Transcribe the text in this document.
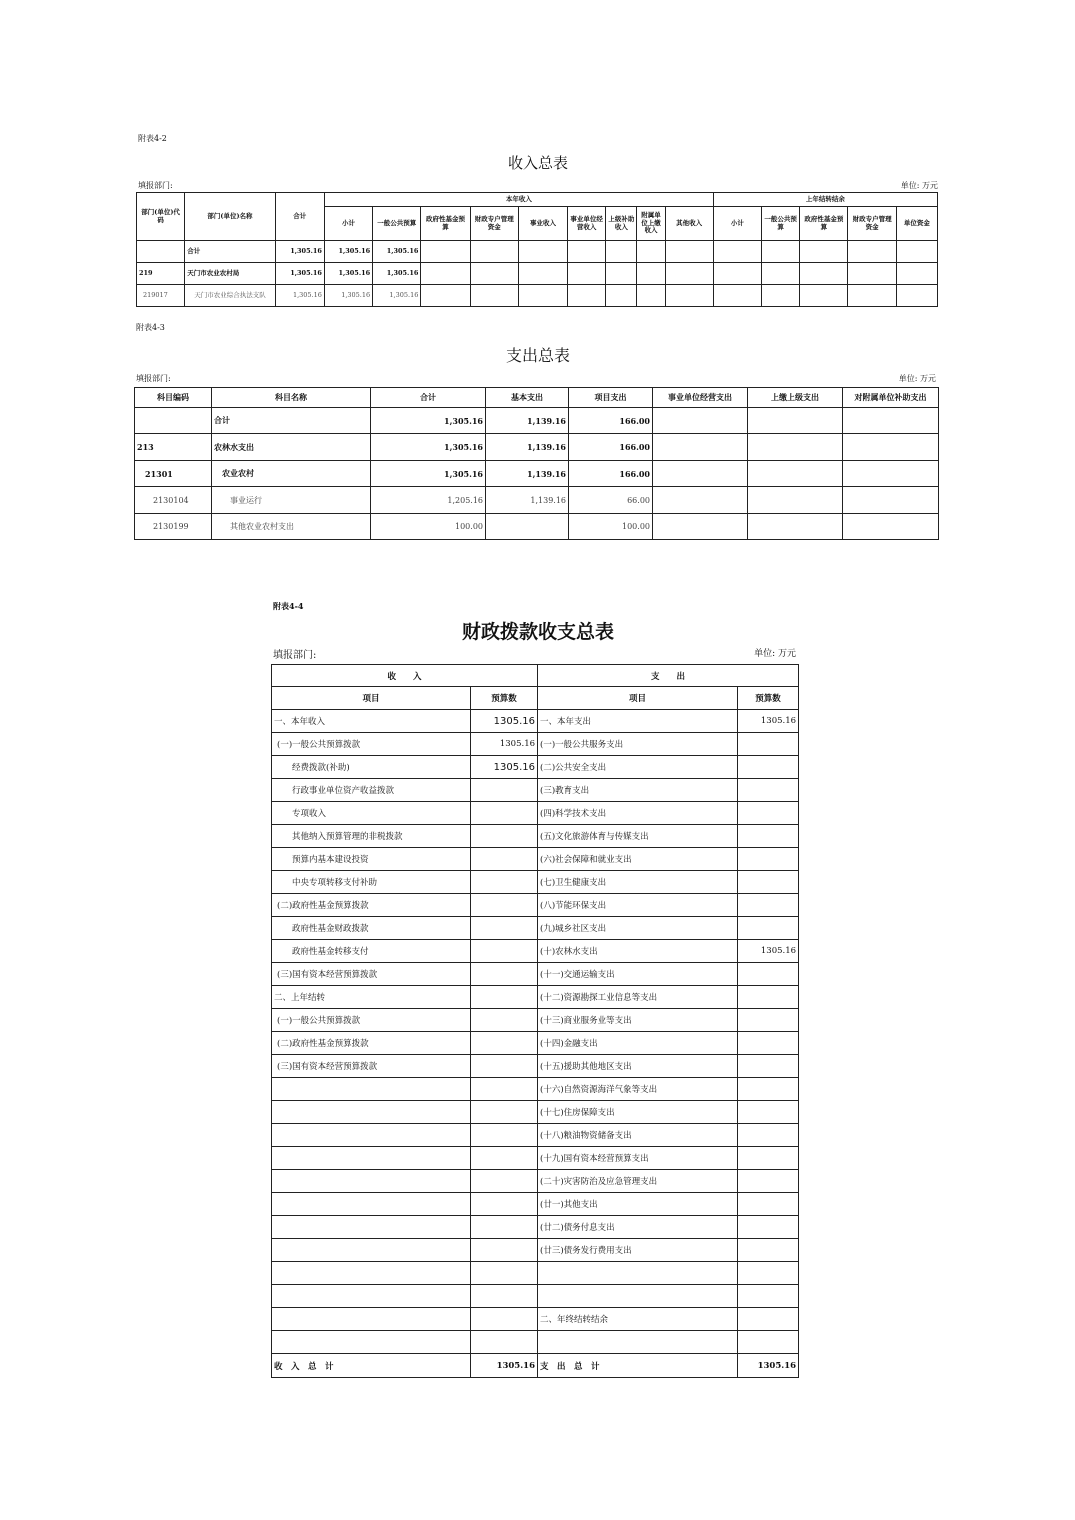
附表4-2
收入总表
填报部门:	单位: 万元
部门(单位)代码	部门(单位)名称	合计	本年收入									上年结转结余				
			小计	一般公共预算	政府性基金预算	财政专户管理资金	事业收入	事业单位经营收入	上级补助收入	附属单位上缴收入	其他收入	小计	一般公共预算	政府性基金预算	财政专户管理资金	单位资金
	合计	1,305.16	1,305.16	1,305.16												
219	天门市农业农村局	1,305.16	1,305.16	1,305.16												
219017	天门市农业综合执法支队	1,305.16	1,305.16	1,305.16												
附表4-3
支出总表
填报部门:	单位: 万元
科目编码	科目名称	合计	基本支出	项目支出	事业单位经营支出	上缴上级支出	对附属单位补助支出
	合计	1,305.16	1,139.16	166.00			
213	农林水支出	1,305.16	1,139.16	166.00			
21301	农业农村	1,305.16	1,139.16	166.00			
2130104	事业运行	1,205.16	1,139.16	66.00			
2130199	其他农业农村支出	100.00		100.00			
附表4-4
财政拨款收支总表
填报部门:	单位: 万元
收　　入		支　　出	
项目	预算数	项目	预算数
一、本年收入	1305.16	一、本年支出	1305.16
(一)一般公共预算拨款	1305.16	(一)一般公共服务支出	
经费拨款(补助)	1305.16	(二)公共安全支出	
行政事业单位资产收益拨款		(三)教育支出	
专项收入		(四)科学技术支出	
其他纳入预算管理的非税拨款		(五)文化旅游体育与传媒支出	
预算内基本建设投资		(六)社会保障和就业支出	
中央专项转移支付补助		(七)卫生健康支出	
(二)政府性基金预算拨款		(八)节能环保支出	
政府性基金财政拨款		(九)城乡社区支出	
政府性基金转移支付		(十)农林水支出	1305.16
(三)国有资本经营预算拨款		(十一)交通运输支出	
二、上年结转		(十二)资源勘探工业信息等支出	
(一)一般公共预算拨款		(十三)商业服务业等支出	
(二)政府性基金预算拨款		(十四)金融支出	
(三)国有资本经营预算拨款		(十五)援助其他地区支出	
		(十六)自然资源海洋气象等支出	
		(十七)住房保障支出	
		(十八)粮油物资储备支出	
		(十九)国有资本经营预算支出	
		(二十)灾害防治及应急管理支出	
		(廿一)其他支出	
		(廿二)债务付息支出	
		(廿三)债务发行费用支出	

		二、年终结转结余	

收　入　总　计	1305.16	支　出　总　计	1305.16
